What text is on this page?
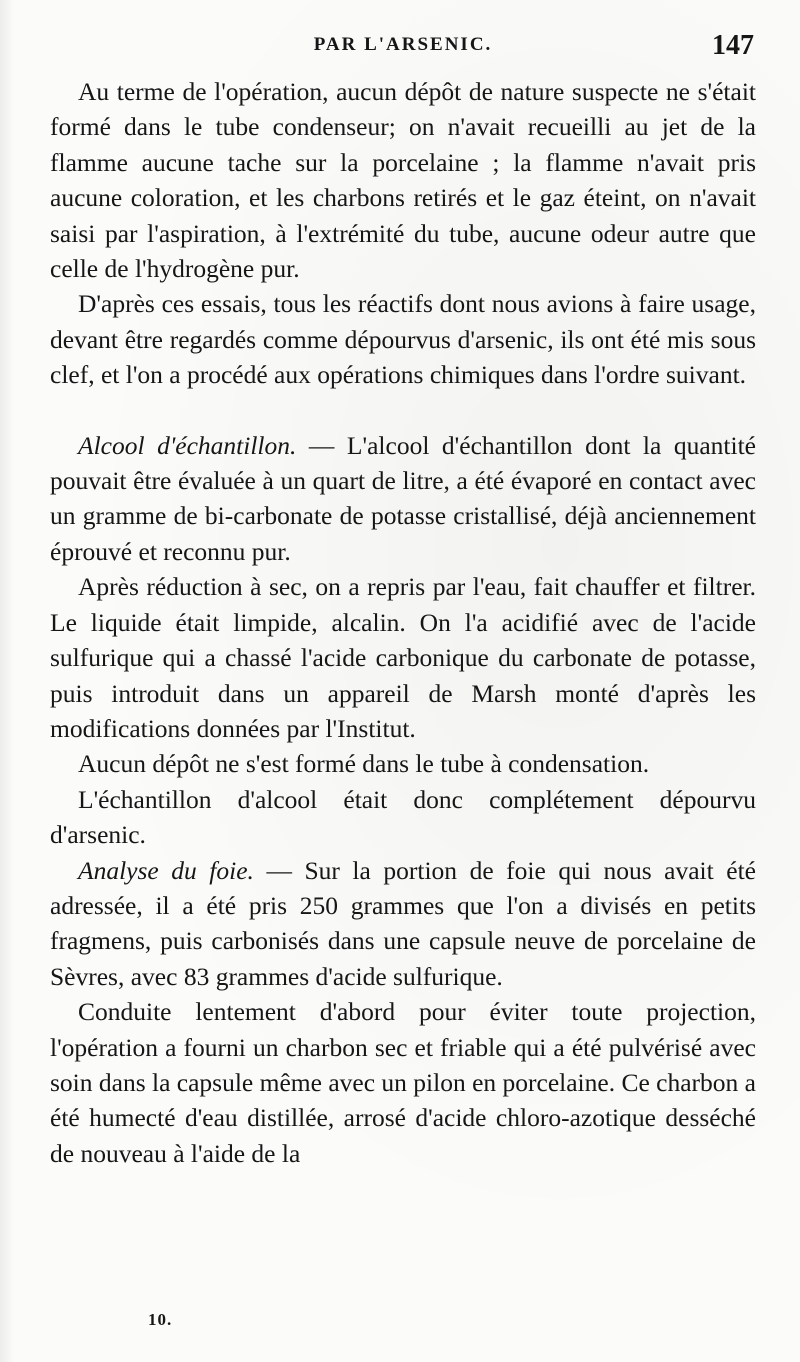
PAR L'ARSENIC.	147

Au terme de l'opération, aucun dépôt de nature suspecte ne s'était formé dans le tube condenseur; on n'avait recueilli au jet de la flamme aucune tache sur la porcelaine ; la flamme n'avait pris aucune coloration, et les charbons retirés et le gaz éteint, on n'avait saisi par l'aspiration, à l'extrémité du tube, aucune odeur autre que celle de l'hydrogène pur.

D'après ces essais, tous les réactifs dont nous avions à faire usage, devant être regardés comme dépourvus d'arsenic, ils ont été mis sous clef, et l'on a procédé aux opérations chimiques dans l'ordre suivant.

Alcool d'échantillon. — L'alcool d'échantillon dont la quantité pouvait être évaluée à un quart de litre, a été évaporé en contact avec un gramme de bi-carbonate de potasse cristallisé, déjà anciennement éprouvé et reconnu pur.

Après réduction à sec, on a repris par l'eau, fait chauffer et filtrer. Le liquide était limpide, alcalin. On l'a acidifié avec de l'acide sulfurique qui a chassé l'acide carbonique du carbonate de potasse, puis introduit dans un appareil de Marsh monté d'après les modifications données par l'Institut.

Aucun dépôt ne s'est formé dans le tube à condensation.

L'échantillon d'alcool était donc complétement dépourvu d'arsenic.

Analyse du foie. — Sur la portion de foie qui nous avait été adressée, il a été pris 250 grammes que l'on a divisés en petits fragmens, puis carbonisés dans une capsule neuve de porcelaine de Sèvres, avec 83 grammes d'acide sulfurique.

Conduite lentement d'abord pour éviter toute projection, l'opération a fourni un charbon sec et friable qui a été pulvérisé avec soin dans la capsule même avec un pilon en porcelaine. Ce charbon a été humecté d'eau distillée, arrosé d'acide chloro-azotique desséché de nouveau à l'aide de la

10.
